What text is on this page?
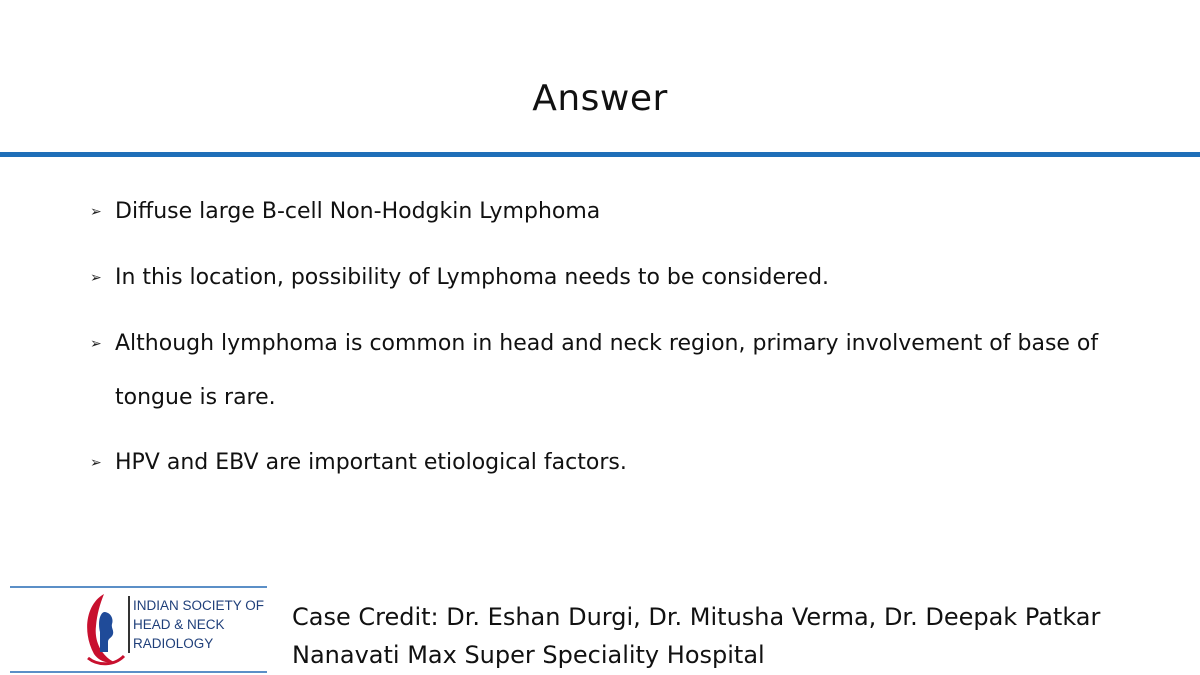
Answer
➢ Diffuse large B-cell Non-Hodgkin Lymphoma
➢ In this location, possibility of Lymphoma needs to be considered.
➢ Although lymphoma is common in head and neck region, primary involvement of base of tongue is rare.
➢ HPV and EBV are important etiological factors.
INDIAN SOCIETY OF
HEAD & NECK
RADIOLOGY
Case Credit: Dr. Eshan Durgi, Dr. Mitusha Verma, Dr. Deepak Patkar
Nanavati Max Super Speciality Hospital
